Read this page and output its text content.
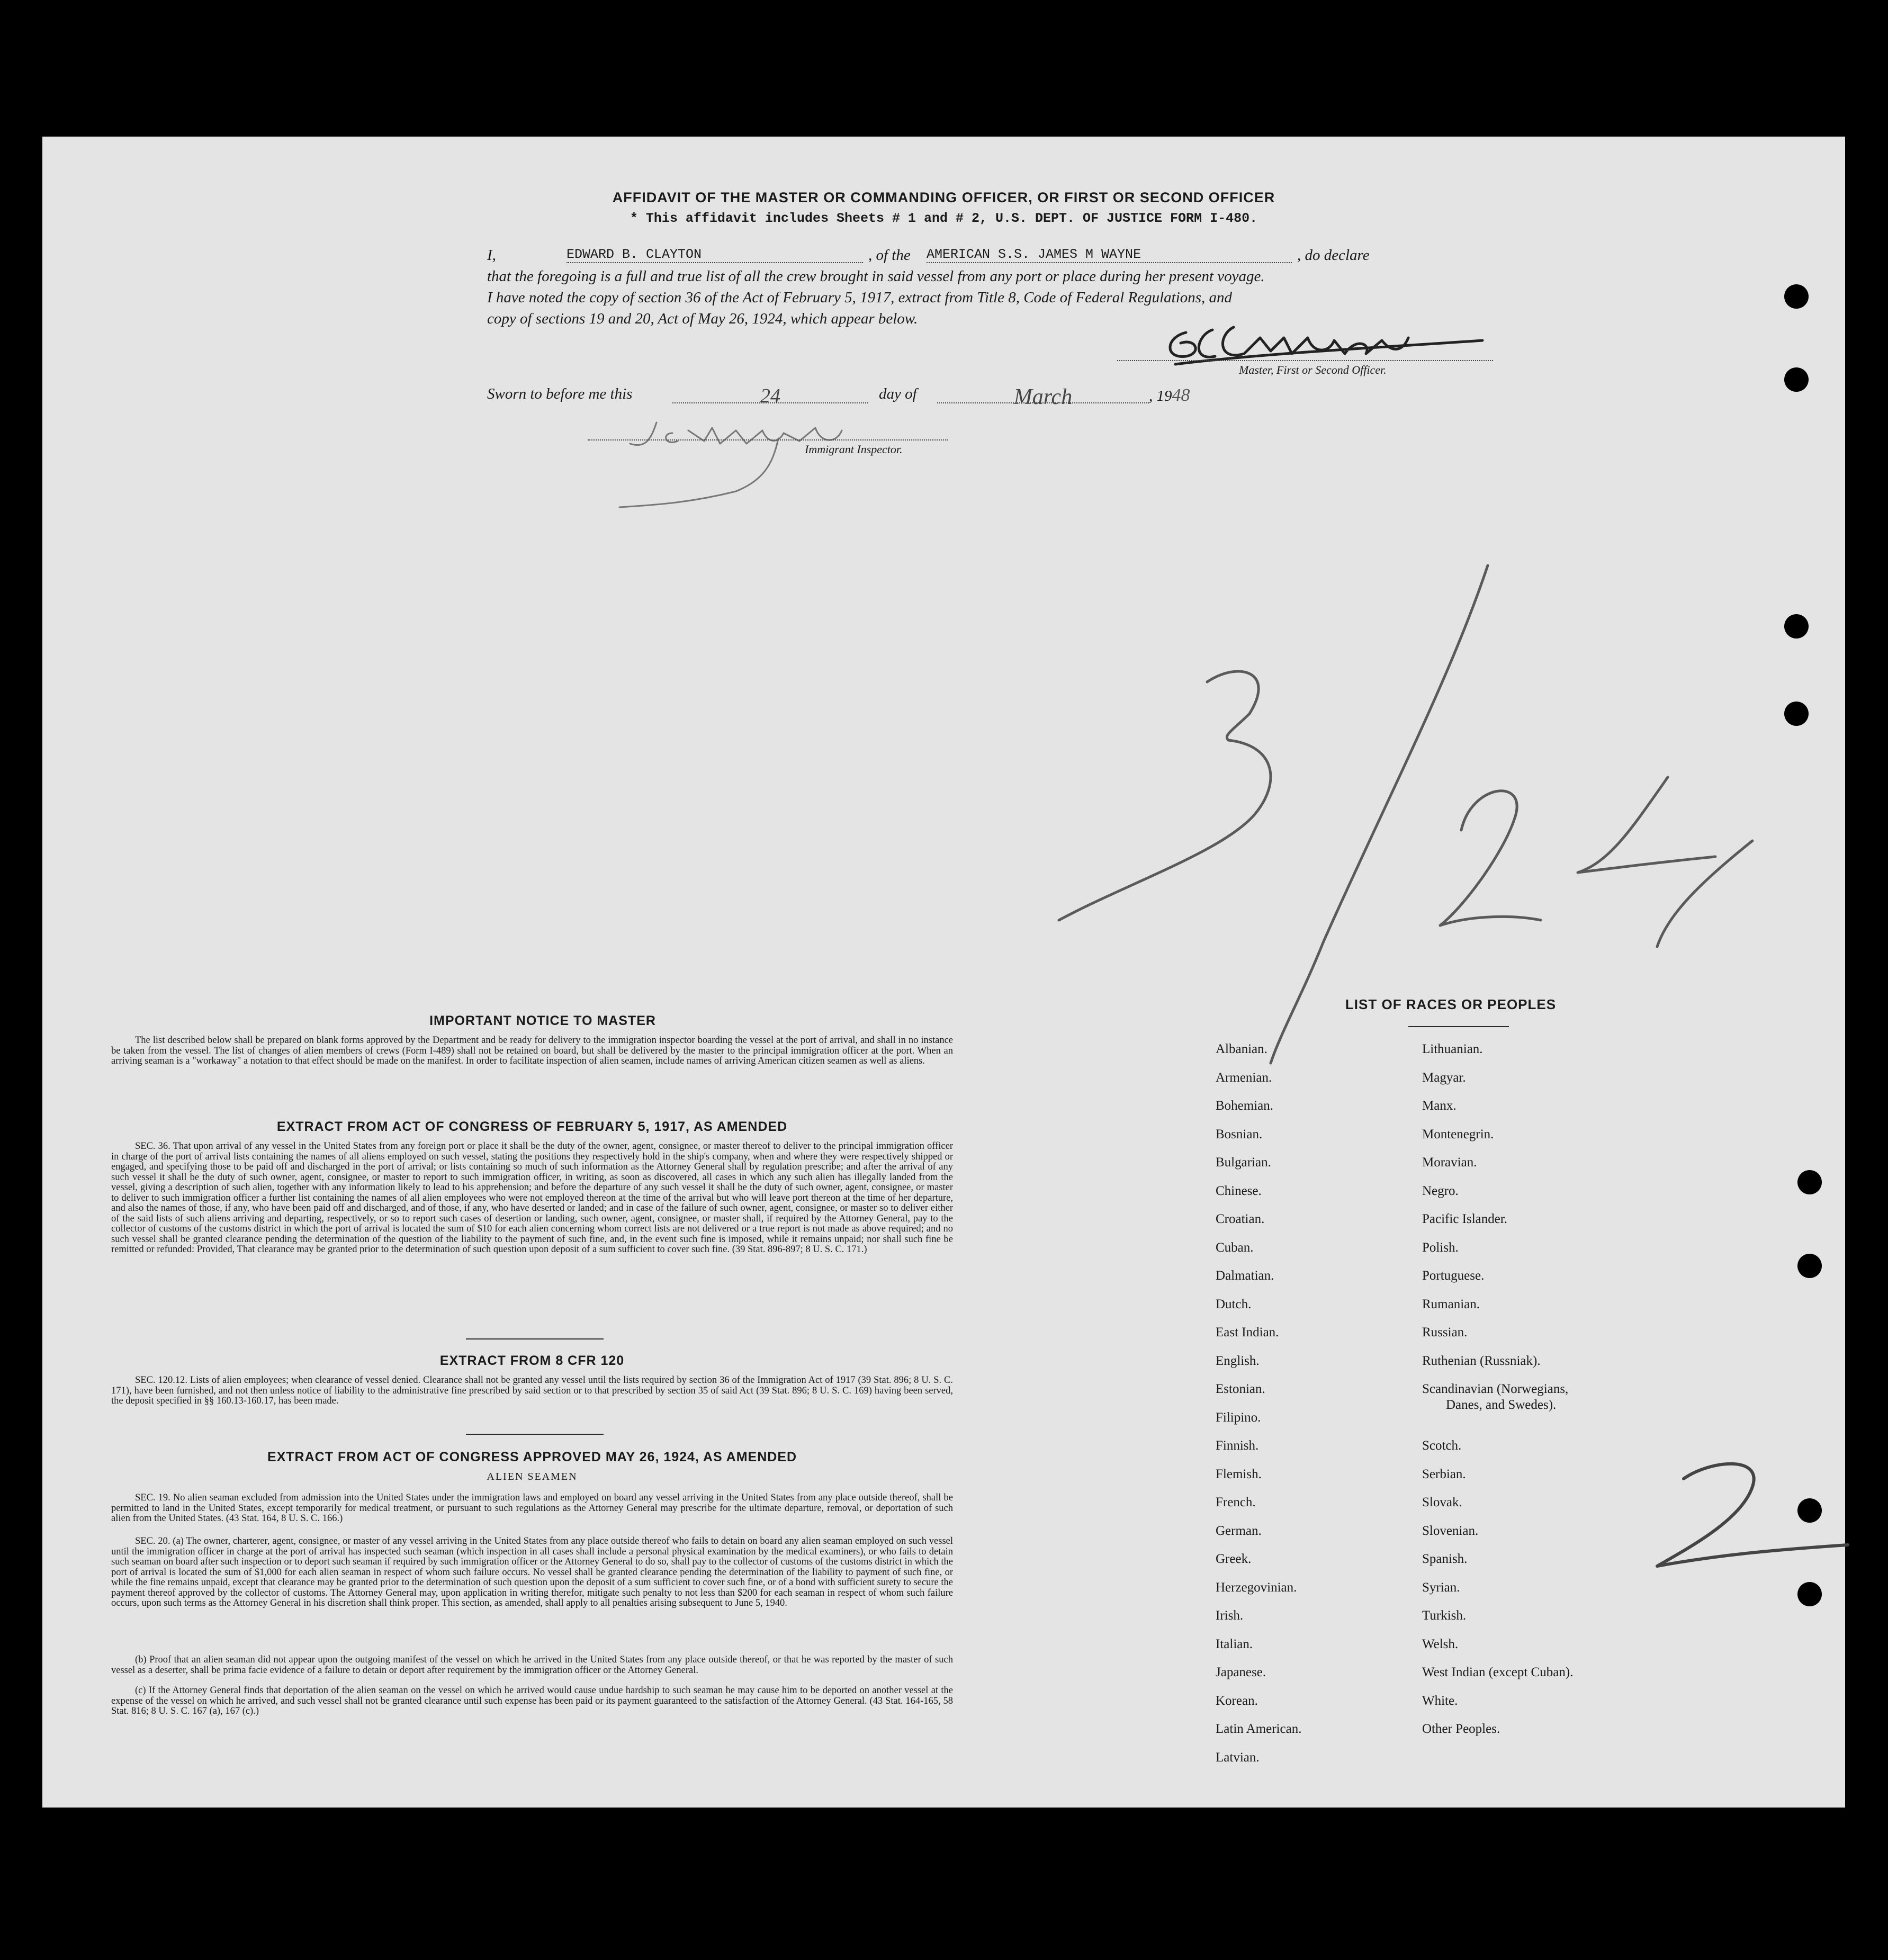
AFFIDAVIT OF THE MASTER OR COMMANDING OFFICER, OR FIRST OR SECOND OFFICER
* This affidavit includes Sheets # 1 and # 2, U.S. DEPT. OF JUSTICE FORM I-480.
I,	EDWARD B. CLAYTON	, of the AMERICAN S.S. JAMES M WAYNE	, do declare
that the foregoing is a full and true list of all the crew brought in said vessel from any port or place during her present voyage.
I have noted the copy of section 36 of the Act of February 5, 1917, extract from Title 8, Code of Federal Regulations, and
copy of sections 19 and 20, Act of May 26, 1924, which appear below.
Master, First or Second Officer.
Sworn to before me this	24	day of	March	, 1948
Immigrant Inspector.
IMPORTANT NOTICE TO MASTER
The list described below shall be prepared on blank forms approved by the Department and be ready for delivery to the immigration inspector boarding the vessel at the port of arrival, and shall in no instance be taken from the vessel. The list of changes of alien members of crews (Form I-489) shall not be retained on board, but shall be delivered by the master to the principal immigration officer at the port. When an arriving seaman is a "workaway" a notation to that effect should be made on the manifest. In order to facilitate inspection of alien seamen, include names of arriving American citizen seamen as well as aliens.
EXTRACT FROM ACT OF CONGRESS OF FEBRUARY 5, 1917, AS AMENDED
SEC. 36. That upon arrival of any vessel in the United States from any foreign port or place it shall be the duty of the owner, agent, consignee, or master thereof to deliver to the principal immigration officer in charge of the port of arrival lists containing the names of all aliens employed on such vessel, stating the positions they respectively hold in the ship's company, when and where they were respectively shipped or engaged, and specifying those to be paid off and discharged in the port of arrival; or lists containing so much of such information as the Attorney General shall by regulation prescribe; and after the arrival of any such vessel it shall be the duty of such owner, agent, consignee, or master to report to such immigration officer, in writing, as soon as discovered, all cases in which any such alien has illegally landed from the vessel, giving a description of such alien, together with any information likely to lead to his apprehension; and before the departure of any such vessel it shall be the duty of such owner, agent, consignee, or master to deliver to such immigration officer a further list containing the names of all alien employees who were not employed thereon at the time of the arrival but who will leave port thereon at the time of her departure, and also the names of those, if any, who have been paid off and discharged, and of those, if any, who have deserted or landed; and in case of the failure of such owner, agent, consignee, or master so to deliver either of the said lists of such aliens arriving and departing, respectively, or so to report such cases of desertion or landing, such owner, agent, consignee, or master shall, if required by the Attorney General, pay to the collector of customs of the customs district in which the port of arrival is located the sum of $10 for each alien concerning whom correct lists are not delivered or a true report is not made as above required; and no such vessel shall be granted clearance pending the determination of the question of the liability to the payment of such fine, and, in the event such fine is imposed, while it remains unpaid; nor shall such fine be remitted or refunded: Provided, That clearance may be granted prior to the determination of such question upon deposit of a sum sufficient to cover such fine. (39 Stat. 896-897; 8 U. S. C. 171.)
EXTRACT FROM 8 CFR 120
SEC. 120.12. Lists of alien employees; when clearance of vessel denied. Clearance shall not be granted any vessel until the lists required by section 36 of the Immigration Act of 1917 (39 Stat. 896; 8 U. S. C. 171), have been furnished, and not then unless notice of liability to the administrative fine prescribed by said section or to that prescribed by section 35 of said Act (39 Stat. 896; 8 U. S. C. 169) having been served, the deposit specified in §§ 160.13-160.17, has been made.
EXTRACT FROM ACT OF CONGRESS APPROVED MAY 26, 1924, AS AMENDED
ALIEN SEAMEN
SEC. 19. No alien seaman excluded from admission into the United States under the immigration laws and employed on board any vessel arriving in the United States from any place outside thereof, shall be permitted to land in the United States, except temporarily for medical treatment, or pursuant to such regulations as the Attorney General may prescribe for the ultimate departure, removal, or deportation of such alien from the United States. (43 Stat. 164, 8 U. S. C. 166.)
SEC. 20. (a) The owner, charterer, agent, consignee, or master of any vessel arriving in the United States from any place outside thereof who fails to detain on board any alien seaman employed on such vessel until the immigration officer in charge at the port of arrival has inspected such seaman (which inspection in all cases shall include a personal physical examination by the medical examiners), or who fails to detain such seaman on board after such inspection or to deport such seaman if required by such immigration officer or the Attorney General to do so, shall pay to the collector of customs of the customs district in which the port of arrival is located the sum of $1,000 for each alien seaman in respect of whom such failure occurs. No vessel shall be granted clearance pending the determination of the liability to payment of such fine, or while the fine remains unpaid, except that clearance may be granted prior to the determination of such question upon the deposit of a sum sufficient to cover such fine, or of a bond with sufficient surety to secure the payment thereof approved by the collector of customs. The Attorney General may, upon application in writing therefor, mitigate such penalty to not less than $200 for each seaman in respect of whom such failure occurs, upon such terms as the Attorney General in his discretion shall think proper. This section, as amended, shall apply to all penalties arising subsequent to June 5, 1940.
(b) Proof that an alien seaman did not appear upon the outgoing manifest of the vessel on which he arrived in the United States from any place outside thereof, or that he was reported by the master of such vessel as a deserter, shall be prima facie evidence of a failure to detain or deport after requirement by the immigration officer or the Attorney General.
(c) If the Attorney General finds that deportation of the alien seaman on the vessel on which he arrived would cause undue hardship to such seaman he may cause him to be deported on another vessel at the expense of the vessel on which he arrived, and such vessel shall not be granted clearance until such expense has been paid or its payment guaranteed to the satisfaction of the Attorney General. (43 Stat. 164-165, 58 Stat. 816; 8 U. S. C. 167 (a), 167 (c).)
LIST OF RACES OR PEOPLES
Albanian.
Armenian.
Bohemian.
Bosnian.
Bulgarian.
Chinese.
Croatian.
Cuban.
Dalmatian.
Dutch.
East Indian.
English.
Estonian.
Filipino.
Finnish.
Flemish.
French.
German.
Greek.
Herzegovinian.
Irish.
Italian.
Japanese.
Korean.
Latin American.
Latvian.
Lithuanian.
Magyar.
Manx.
Montenegrin.
Moravian.
Negro.
Pacific Islander.
Polish.
Portuguese.
Rumanian.
Russian.
Ruthenian (Russniak).
Scandinavian (Norwegians,
Danes, and Swedes).
Scotch.
Serbian.
Slovak.
Slovenian.
Spanish.
Syrian.
Turkish.
Welsh.
West Indian (except Cuban).
White.
Other Peoples.
